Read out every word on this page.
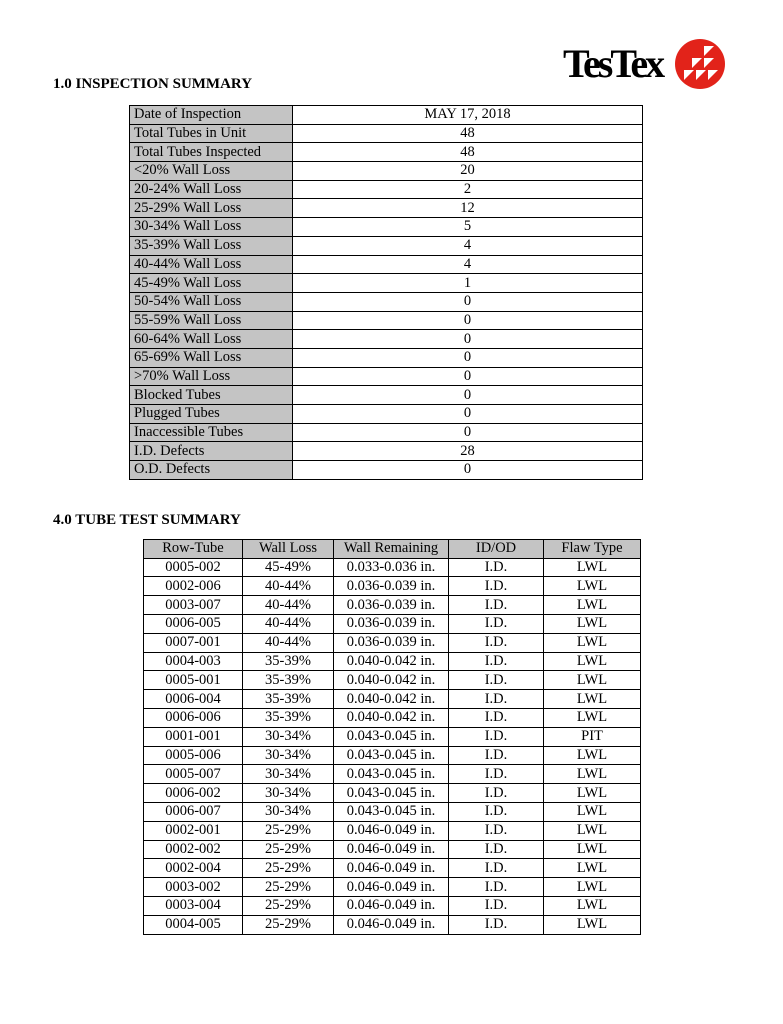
TesTex
1.0 INSPECTION SUMMARY
Date of Inspection	MAY 17, 2018
Total Tubes in Unit	48
Total Tubes Inspected	48
<20% Wall Loss	20
20-24% Wall Loss	2
25-29% Wall Loss	12
30-34% Wall Loss	5
35-39% Wall Loss	4
40-44% Wall Loss	4
45-49% Wall Loss	1
50-54% Wall Loss	0
55-59% Wall Loss	0
60-64% Wall Loss	0
65-69% Wall Loss	0
>70% Wall Loss	0
Blocked Tubes	0
Plugged Tubes	0
Inaccessible Tubes	0
I.D. Defects	28
O.D. Defects	0
4.0 TUBE TEST SUMMARY
Row-Tube	Wall Loss	Wall Remaining	ID/OD	Flaw Type
0005-002	45-49%	0.033-0.036 in.	I.D.	LWL
0002-006	40-44%	0.036-0.039 in.	I.D.	LWL
0003-007	40-44%	0.036-0.039 in.	I.D.	LWL
0006-005	40-44%	0.036-0.039 in.	I.D.	LWL
0007-001	40-44%	0.036-0.039 in.	I.D.	LWL
0004-003	35-39%	0.040-0.042 in.	I.D.	LWL
0005-001	35-39%	0.040-0.042 in.	I.D.	LWL
0006-004	35-39%	0.040-0.042 in.	I.D.	LWL
0006-006	35-39%	0.040-0.042 in.	I.D.	LWL
0001-001	30-34%	0.043-0.045 in.	I.D.	PIT
0005-006	30-34%	0.043-0.045 in.	I.D.	LWL
0005-007	30-34%	0.043-0.045 in.	I.D.	LWL
0006-002	30-34%	0.043-0.045 in.	I.D.	LWL
0006-007	30-34%	0.043-0.045 in.	I.D.	LWL
0002-001	25-29%	0.046-0.049 in.	I.D.	LWL
0002-002	25-29%	0.046-0.049 in.	I.D.	LWL
0002-004	25-29%	0.046-0.049 in.	I.D.	LWL
0003-002	25-29%	0.046-0.049 in.	I.D.	LWL
0003-004	25-29%	0.046-0.049 in.	I.D.	LWL
0004-005	25-29%	0.046-0.049 in.	I.D.	LWL
